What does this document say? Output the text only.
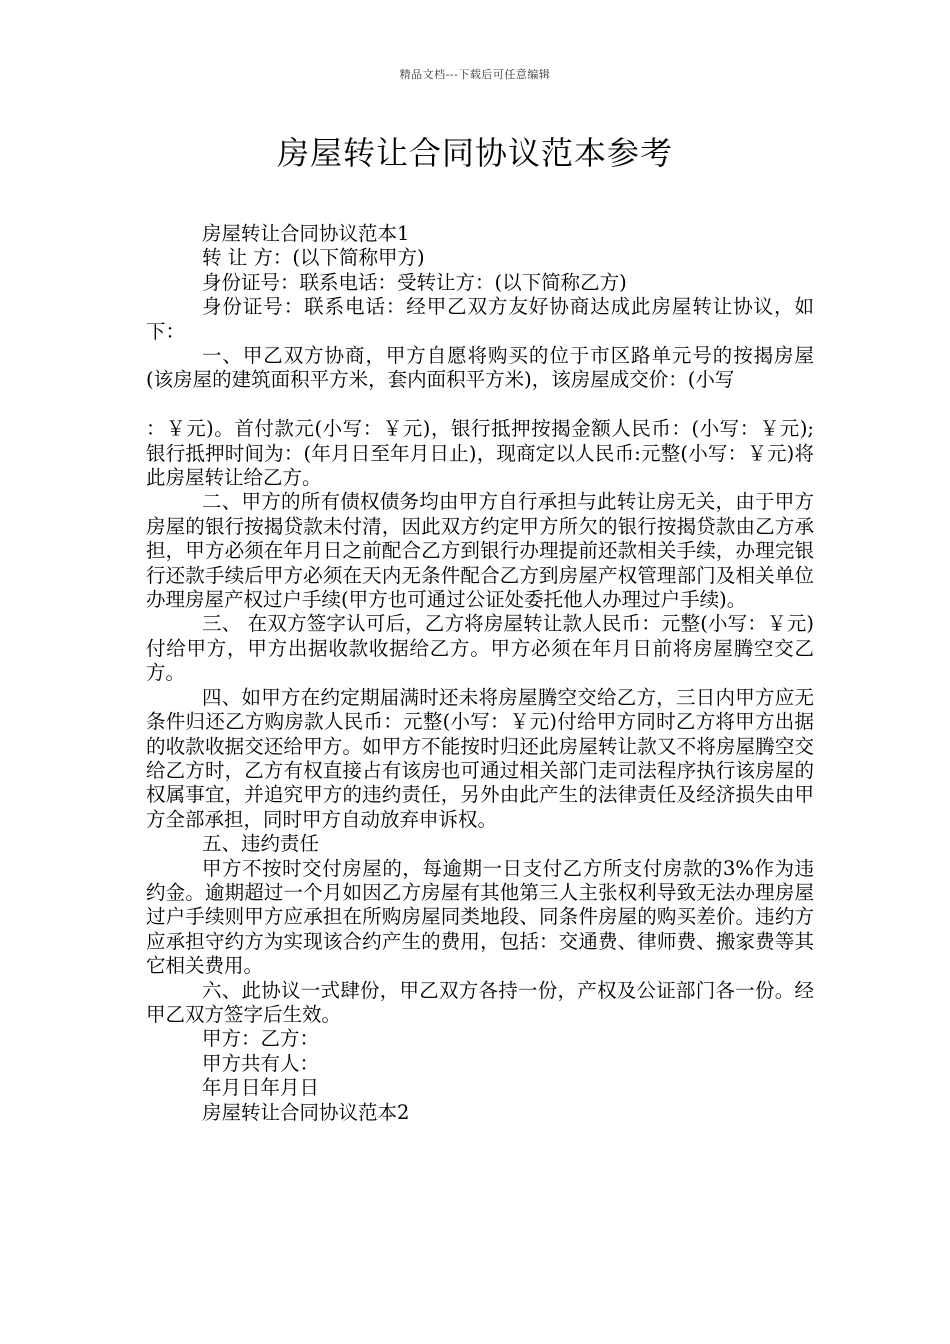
精品文档---下载后可任意编辑
房屋转让合同协议范本参考

房屋转让合同协议范本1

转 让 方：(以下简称甲方)

身份证号：联系电话：受转让方：(以下简称乙方)

身份证号：联系电话：经甲乙双方友好协商达成此房屋转让协议，如下：

一、甲乙双方协商，甲方自愿将购买的位于市区路单元号的按揭房屋(该房屋的建筑面积平方米，套内面积平方米)，该房屋成交价：(小写

：￥元)。首付款元(小写：￥元)，银行抵押按揭金额人民币：(小写：￥元);银行抵押时间为：(年月日至年月日止)，现商定以人民币:元整(小写：￥元)将此房屋转让给乙方。

二、甲方的所有债权债务均由甲方自行承担与此转让房无关，由于甲方房屋的银行按揭贷款未付清，因此双方约定甲方所欠的银行按揭贷款由乙方承担，甲方必须在年月日之前配合乙方到银行办理提前还款相关手续，办理完银行还款手续后甲方必须在天内无条件配合乙方到房屋产权管理部门及相关单位办理房屋产权过户手续(甲方也可通过公证处委托他人办理过户手续)。

三、 在双方签字认可后，乙方将房屋转让款人民币：元整(小写：￥元)付给甲方，甲方出据收款收据给乙方。甲方必须在年月日前将房屋腾空交乙方。

四、如甲方在约定期届满时还未将房屋腾空交给乙方，三日内甲方应无条件归还乙方购房款人民币：元整(小写：￥元)付给甲方同时乙方将甲方出据的收款收据交还给甲方。如甲方不能按时归还此房屋转让款又不将房屋腾空交给乙方时，乙方有权直接占有该房也可通过相关部门走司法程序执行该房屋的权属事宜，并追究甲方的违约责任，另外由此产生的法律责任及经济损失由甲方全部承担，同时甲方自动放弃申诉权。

五、违约责任

甲方不按时交付房屋的，每逾期一日支付乙方所支付房款的3%作为违约金。逾期超过一个月如因乙方房屋有其他第三人主张权利导致无法办理房屋过户手续则甲方应承担在所购房屋同类地段、同条件房屋的购买差价。违约方应承担守约方为实现该合约产生的费用，包括：交通费、律师费、搬家费等其它相关费用。

六、此协议一式肆份，甲乙双方各持一份，产权及公证部门各一份。经甲乙双方签字后生效。

甲方：乙方：

甲方共有人：

年月日年月日

房屋转让合同协议范本2
